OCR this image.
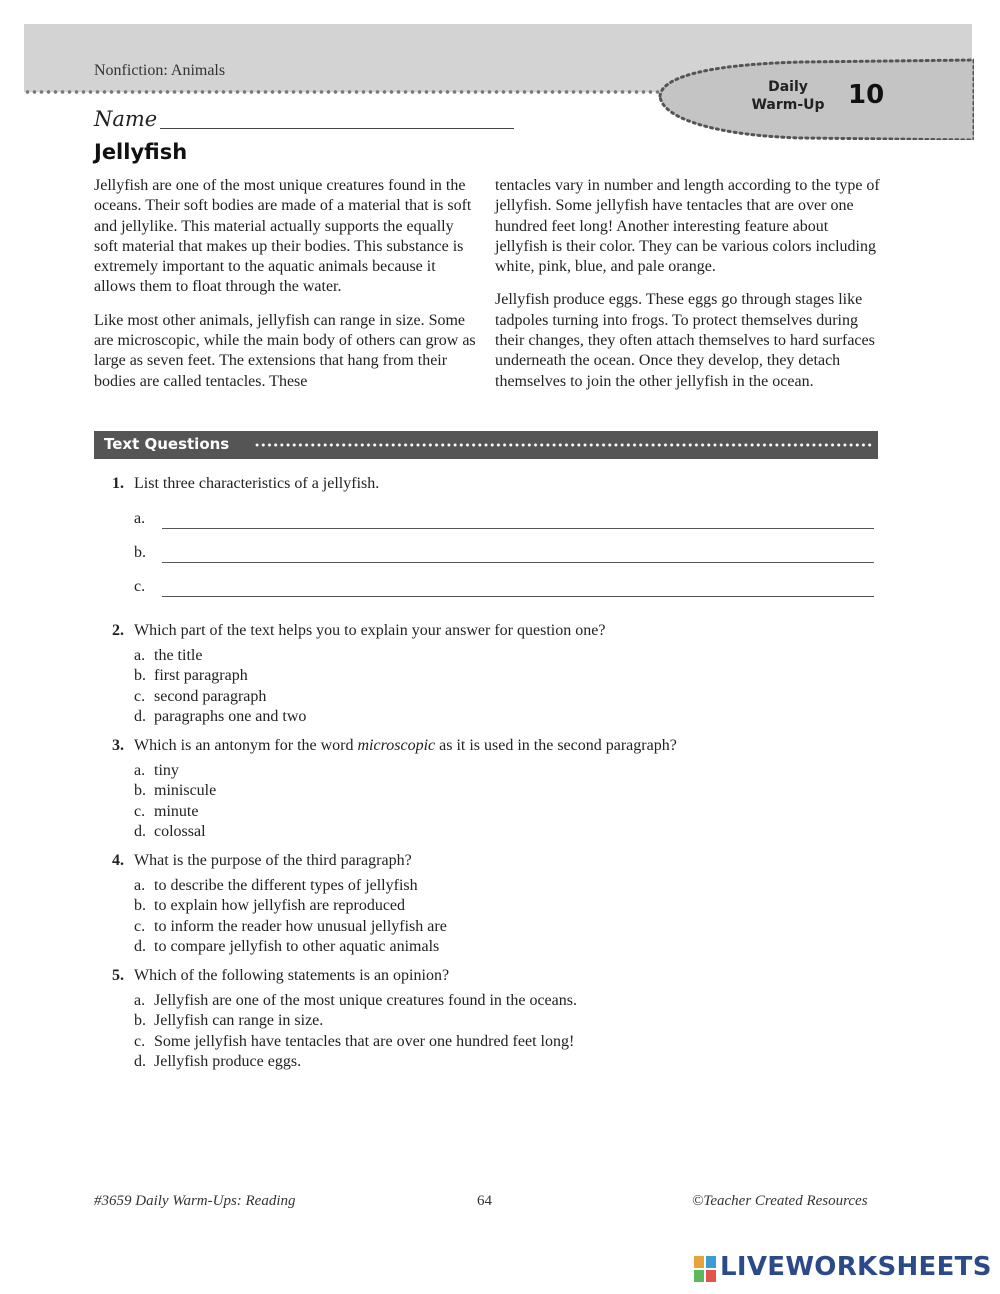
Nonfiction: Animals
Daily
Warm-Up 10
Name
Jellyfish

Jellyfish are one of the most unique creatures found in the oceans. Their soft bodies are made of a material that is soft and jellylike. This material actually supports the equally soft material that makes up their bodies. This substance is extremely important to the aquatic animals because it allows them to float through the water.

Like most other animals, jellyfish can range in size. Some are microscopic, while the main body of others can grow as large as seven feet. The extensions that hang from their bodies are called tentacles. These

tentacles vary in number and length according to the type of jellyfish. Some jellyfish have tentacles that are over one hundred feet long! Another interesting feature about jellyfish is their color. They can be various colors including white, pink, blue, and pale orange.

Jellyfish produce eggs. These eggs go through stages like tadpoles turning into frogs. To protect themselves during their changes, they often attach themselves to hard surfaces underneath the ocean. Once they develop, they detach themselves to join the other jellyfish in the ocean.

Text Questions
1. List three characteristics of a jellyfish.
a.
b.
c.
2. Which part of the text helps you to explain your answer for question one?
a. the title
b. first paragraph
c. second paragraph
d. paragraphs one and two
3. Which is an antonym for the word microscopic as it is used in the second paragraph?
a. tiny
b. miniscule
c. minute
d. colossal
4. What is the purpose of the third paragraph?
a. to describe the different types of jellyfish
b. to explain how jellyfish are reproduced
c. to inform the reader how unusual jellyfish are
d. to compare jellyfish to other aquatic animals
5. Which of the following statements is an opinion?
a. Jellyfish are one of the most unique creatures found in the oceans.
b. Jellyfish can range in size.
c. Some jellyfish have tentacles that are over one hundred feet long!
d. Jellyfish produce eggs.
#3659 Daily Warm-Ups: Reading	64	©Teacher Created Resources
LIVEWORKSHEETS
